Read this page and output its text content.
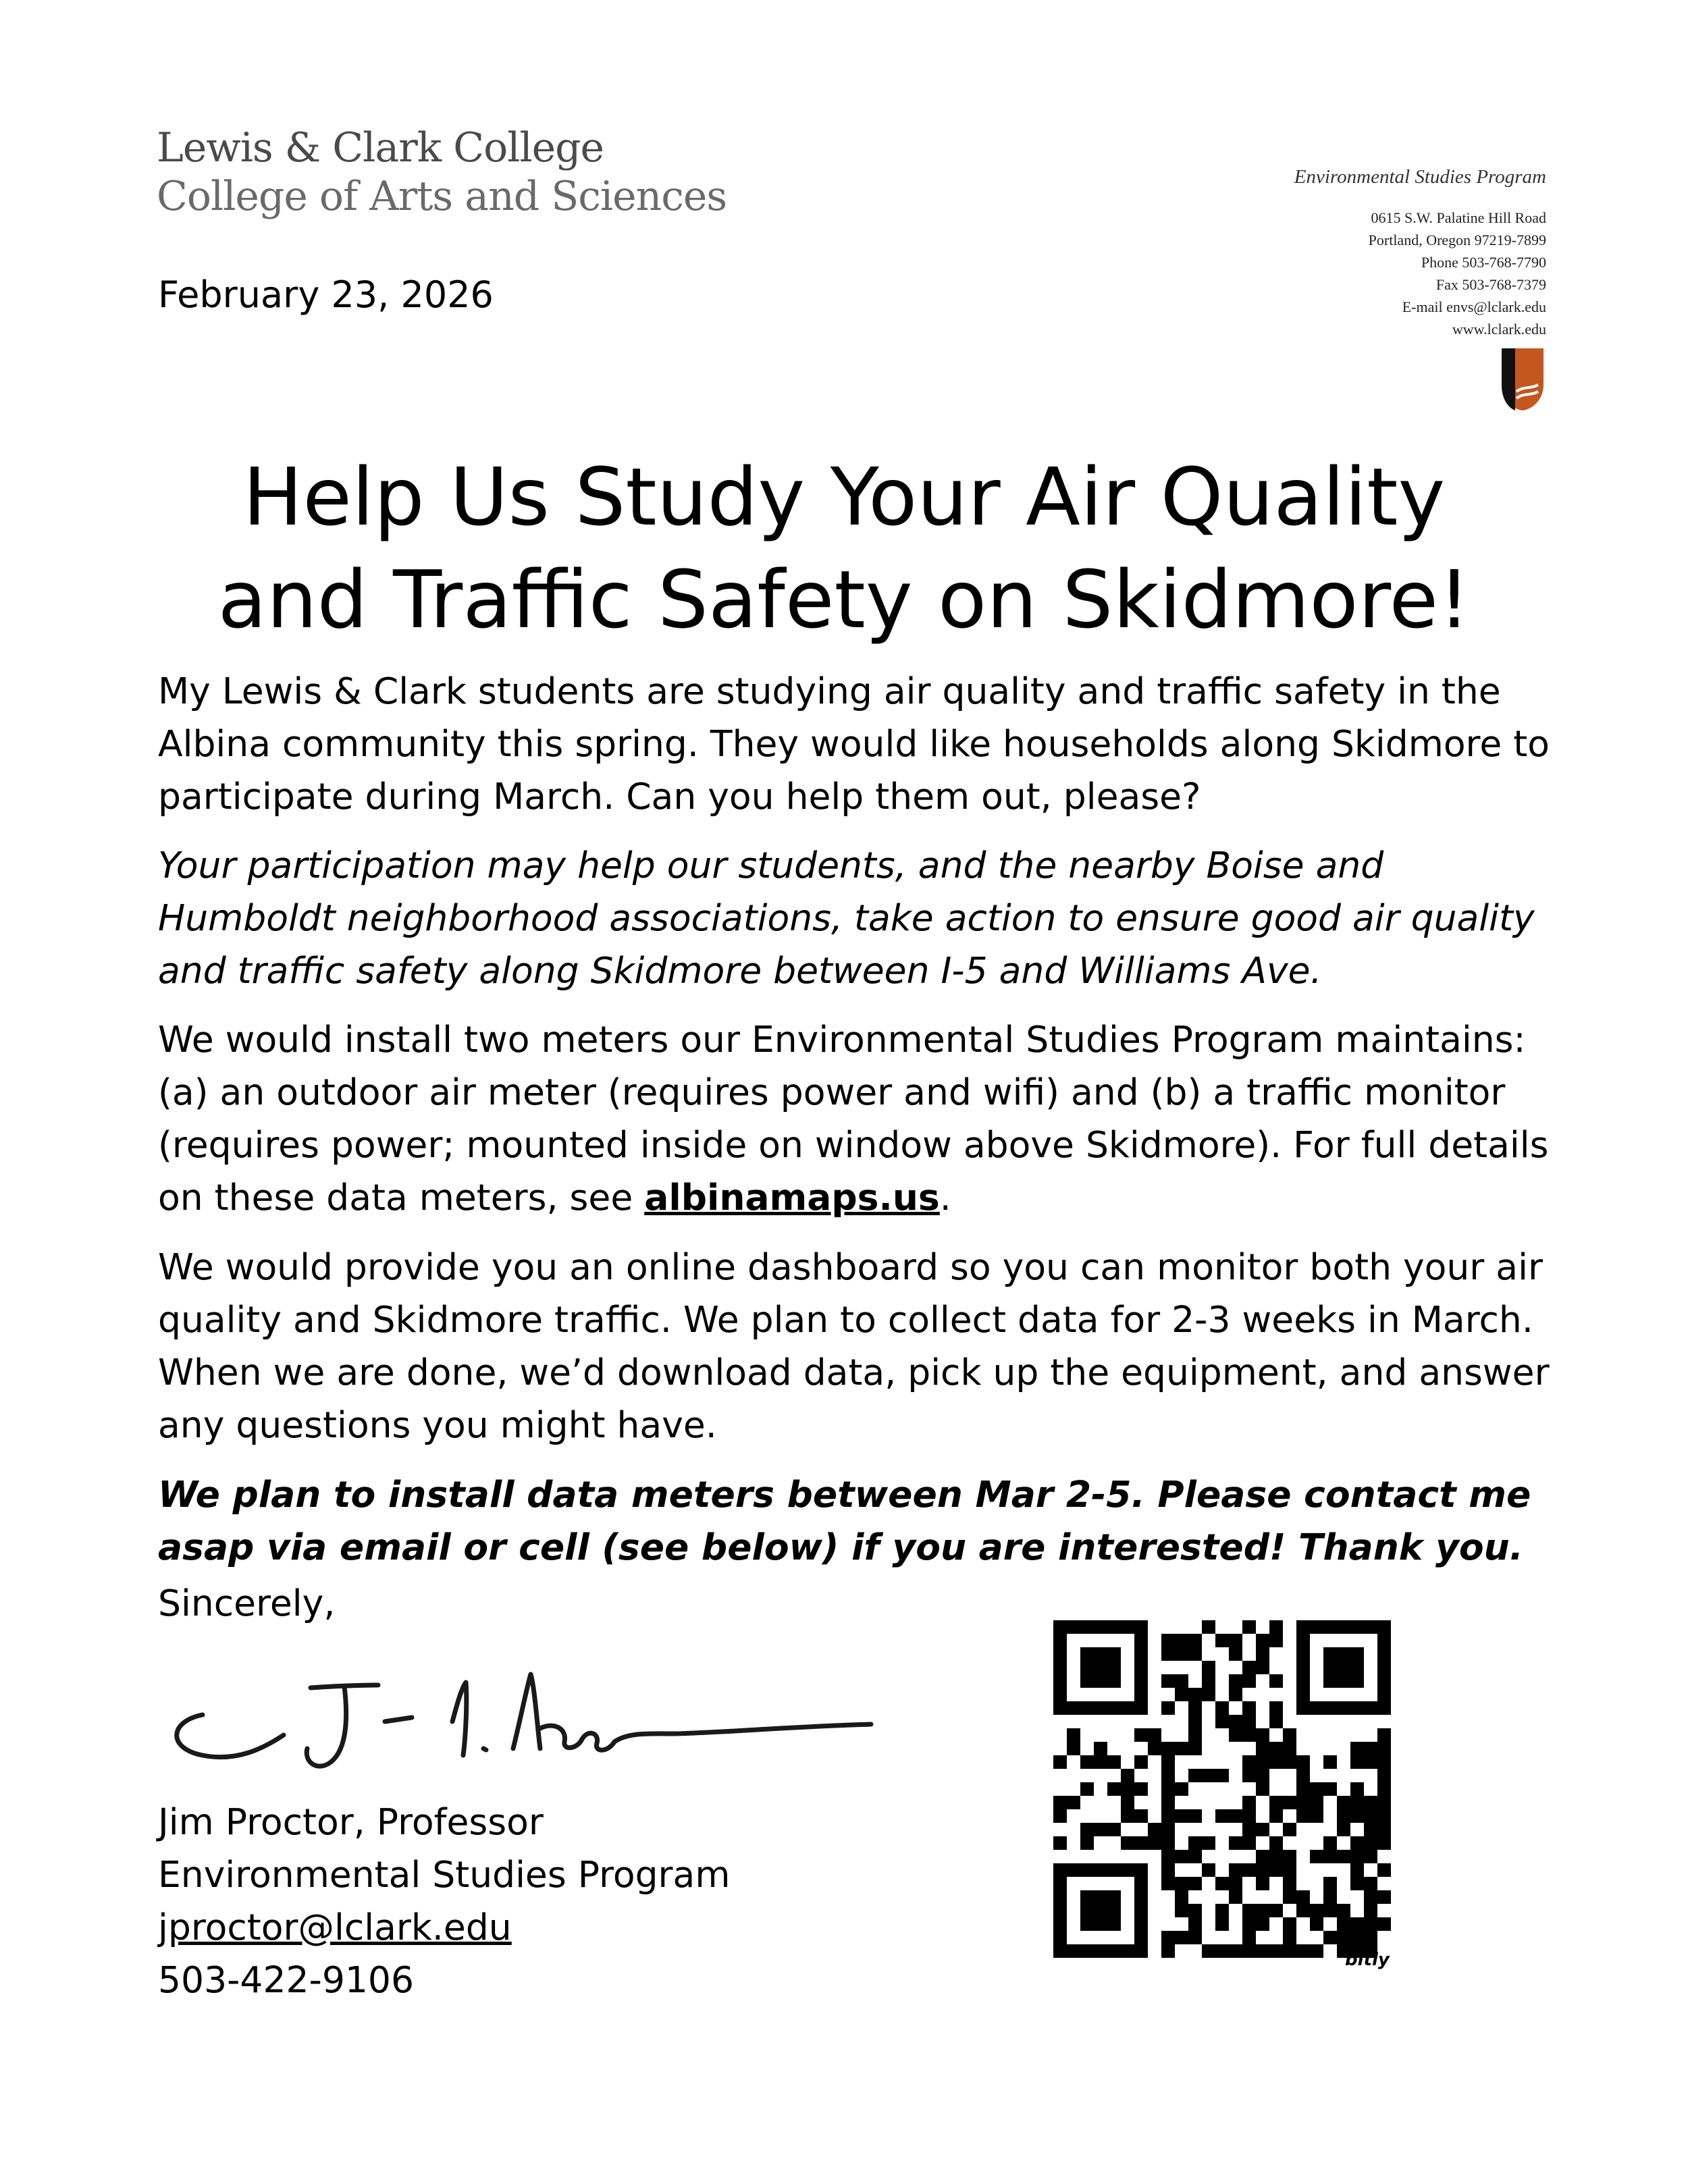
Lewis & Clark College
College of Arts and Sciences	Environmental Studies Program
0615 S.W. Palatine Hill Road
Portland, Oregon 97219-7899
Phone 503-768-7790
Fax 503-768-7379
E-mail envs@lclark.edu
www.lclark.edu
February 23, 2026
Help Us Study Your Air Quality
and Traffic Safety on Skidmore!

My Lewis & Clark students are studying air quality and traffic safety in the Albina community this spring. They would like households along Skidmore to participate during March. Can you help them out, please?

Your participation may help our students, and the nearby Boise and Humboldt neighborhood associations, take action to ensure good air quality and traffic safety along Skidmore between I-5 and Williams Ave.

We would install two meters our Environmental Studies Program maintains: (a) an outdoor air meter (requires power and wifi) and (b) a traffic monitor (requires power; mounted inside on window above Skidmore). For full details on these data meters, see albinamaps.us.

We would provide you an online dashboard so you can monitor both your air quality and Skidmore traffic. We plan to collect data for 2-3 weeks in March. When we are done, we’d download data, pick up the equipment, and answer any questions you might have.

We plan to install data meters between Mar 2-5. Please contact me asap via email or cell (see below) if you are interested! Thank you.

Sincerely,
Jim Proctor, Professor
Environmental Studies Program
jproctor@lclark.edu
503-422-9106	bitly
